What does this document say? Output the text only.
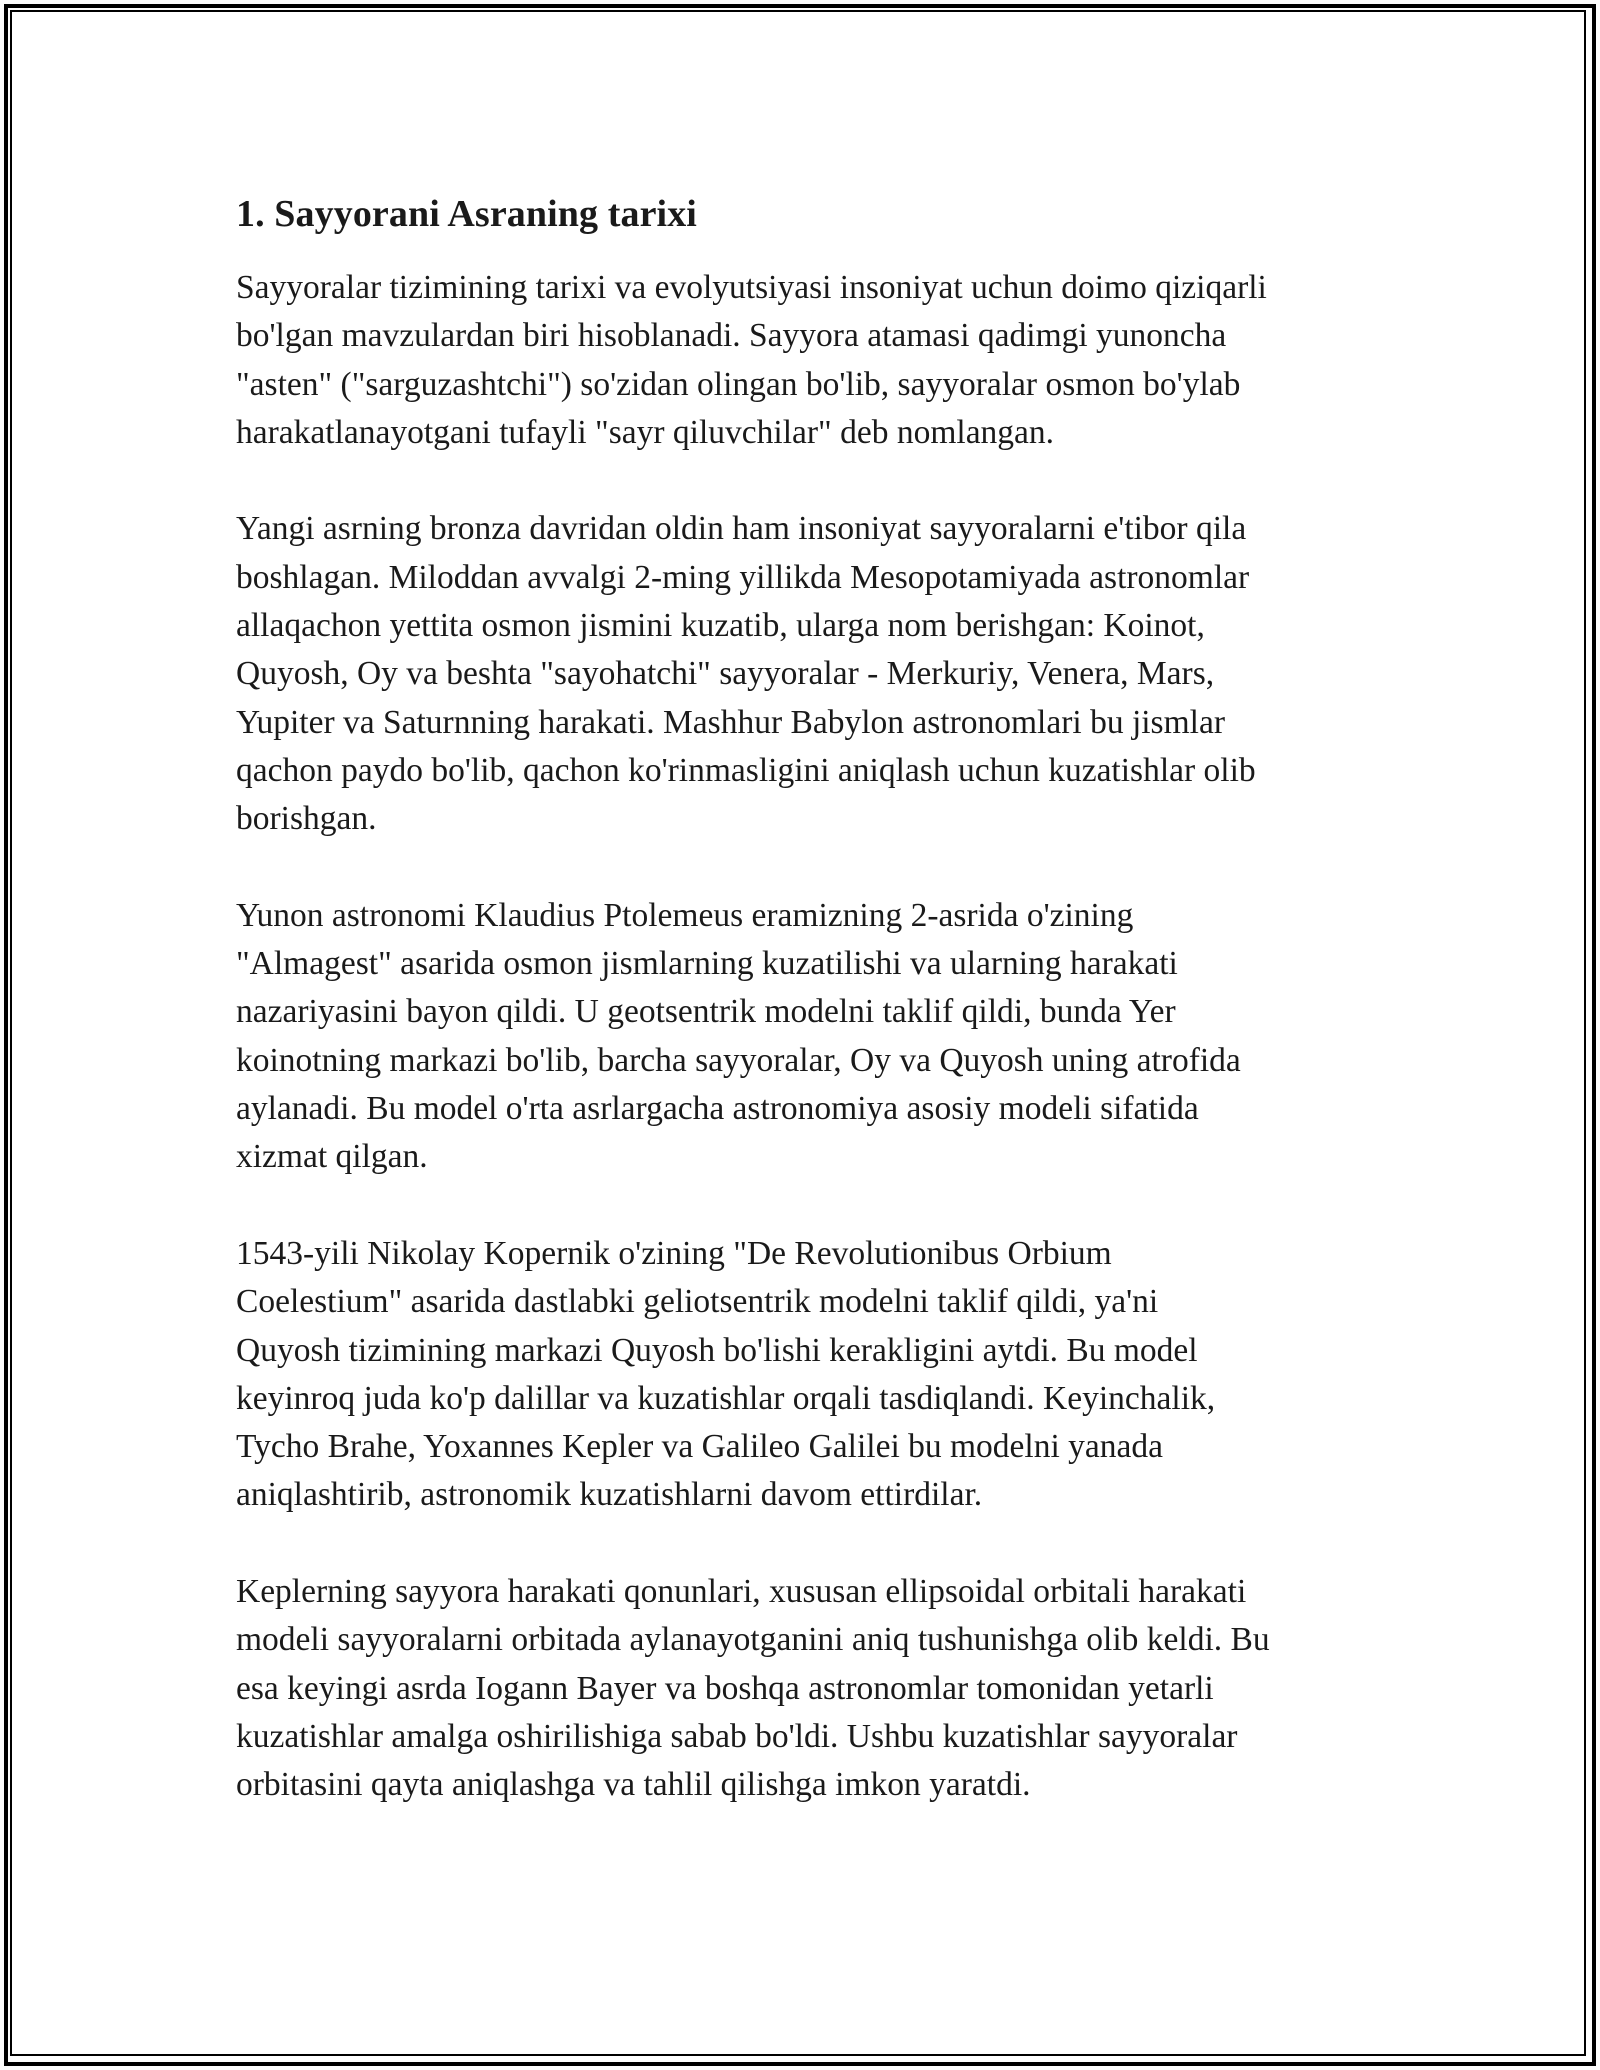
1. Sayyorani Asraning tarixi

Sayyoralar tizimining tarixi va evolyutsiyasi insoniyat uchun doimo qiziqarli
bo'lgan mavzulardan biri hisoblanadi. Sayyora atamasi qadimgi yunoncha
"asten" ("sarguzashtchi") so'zidan olingan bo'lib, sayyoralar osmon bo'ylab
harakatlanayotgani tufayli "sayr qiluvchilar" deb nomlangan.

Yangi asrning bronza davridan oldin ham insoniyat sayyoralarni e'tibor qila
boshlagan. Miloddan avvalgi 2-ming yillikda Mesopotamiyada astronomlar
allaqachon yettita osmon jismini kuzatib, ularga nom berishgan: Koinot,
Quyosh, Oy va beshta "sayohatchi" sayyoralar - Merkuriy, Venera, Mars,
Yupiter va Saturnning harakati. Mashhur Babylon astronomlari bu jismlar
qachon paydo bo'lib, qachon ko'rinmasligini aniqlash uchun kuzatishlar olib
borishgan.

Yunon astronomi Klaudius Ptolemeus eramizning 2-asrida o'zining
"Almagest" asarida osmon jismlarning kuzatilishi va ularning harakati
nazariyasini bayon qildi. U geotsentrik modelni taklif qildi, bunda Yer
koinotning markazi bo'lib, barcha sayyoralar, Oy va Quyosh uning atrofida
aylanadi. Bu model o'rta asrlargacha astronomiya asosiy modeli sifatida
xizmat qilgan.

1543-yili Nikolay Kopernik o'zining "De Revolutionibus Orbium
Coelestium" asarida dastlabki geliotsentrik modelni taklif qildi, ya'ni
Quyosh tizimining markazi Quyosh bo'lishi kerakligini aytdi. Bu model
keyinroq juda ko'p dalillar va kuzatishlar orqali tasdiqlandi. Keyinchalik,
Tycho Brahe, Yoxannes Kepler va Galileo Galilei bu modelni yanada
aniqlashtirib, astronomik kuzatishlarni davom ettirdilar.

Keplerning sayyora harakati qonunlari, xususan ellipsoidal orbitali harakati
modeli sayyoralarni orbitada aylanayotganini aniq tushunishga olib keldi. Bu
esa keyingi asrda Iogann Bayer va boshqa astronomlar tomonidan yetarli
kuzatishlar amalga oshirilishiga sabab bo'ldi. Ushbu kuzatishlar sayyoralar
orbitasini qayta aniqlashga va tahlil qilishga imkon yaratdi.
